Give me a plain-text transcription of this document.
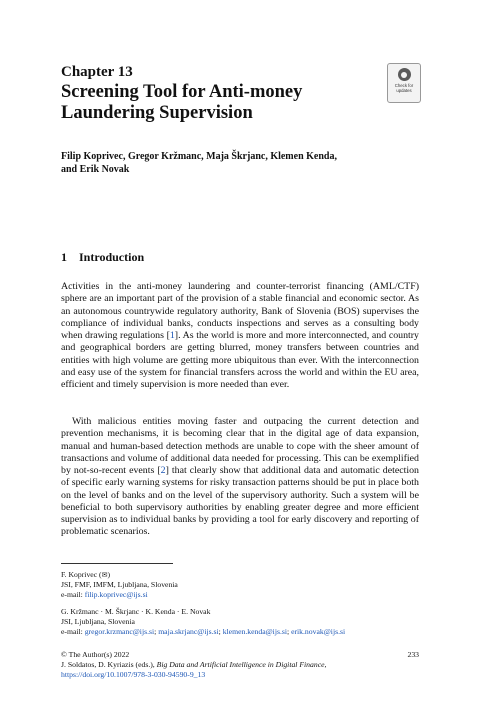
Chapter 13
Screening Tool for Anti-money
Laundering Supervision
Check for
updates
Filip Koprivec, Gregor Kržmanc, Maja Škrjanc, Klemen Kenda,
and Erik Novak
1 Introduction

Activities in the anti-money laundering and counter-terrorist financing (AML/CTF) sphere are an important part of the provision of a stable financial and economic sector. As an autonomous countrywide regulatory authority, Bank of Slovenia (BOS) supervises the compliance of individual banks, conducts inspections and serves as a consulting body when drawing regulations [1]. As the world is more and more interconnected, and country and geographical borders are getting blurred, money transfers between countries and entities with high volume are getting more ubiquitous than ever. With the interconnection and easy use of the system for financial transfers across the world and within the EU area, efficient and timely supervision is more needed than ever.

With malicious entities moving faster and outpacing the current detection and prevention mechanisms, it is becoming clear that in the digital age of data expansion, manual and human-based detection methods are unable to cope with the sheer amount of transactions and volume of additional data needed for processing. This can be exemplified by not-so-recent events [2] that clearly show that additional data and automatic detection of specific early warning systems for risky transaction patterns should be put in place both on the level of banks and on the level of the supervisory authority. Such a system will be beneficial to both supervisory authorities by enabling greater degree and more efficient supervision as to individual banks by providing a tool for early discovery and reporting of problematic scenarios.

F. Koprivec (✉)
JSI, FMF, IMFM, Ljubljana, Slovenia
e-mail: filip.koprivec@ijs.si
G. Kržmanc · M. Škrjanc · K. Kenda · E. Novak
JSI, Ljubljana, Slovenia
e-mail: gregor.krzmanc@ijs.si; maja.skrjanc@ijs.si; klemen.kenda@ijs.si; erik.novak@ijs.si
© The Author(s) 2022	233
J. Soldatos, D. Kyriazis (eds.), Big Data and Artificial Intelligence in Digital Finance,
https://doi.org/10.1007/978-3-030-94590-9_13
